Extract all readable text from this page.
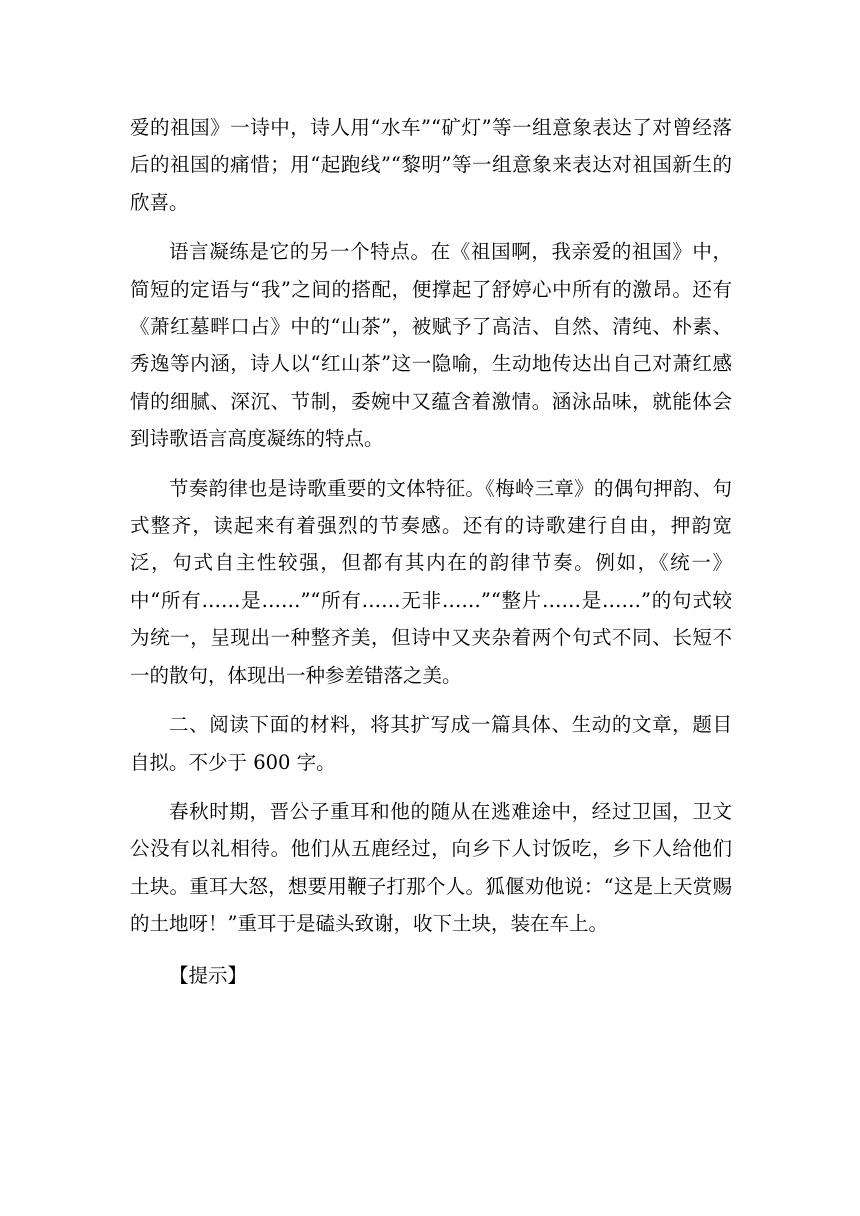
爱的祖国》一诗中，诗人用“水车”“矿灯”等一组意象表达了对曾经落后的祖国的痛惜；用“起跑线”“黎明”等一组意象来表达对祖国新生的欣喜。

语言凝练是它的另一个特点。在《祖国啊，我亲爱的祖国》中，简短的定语与“我”之间的搭配，便撑起了舒婷心中所有的激昂。还有《萧红墓畔口占》中的“山茶”，被赋予了高洁、自然、清纯、朴素、秀逸等内涵，诗人以“红山茶”这一隐喻，生动地传达出自己对萧红感情的细腻、深沉、节制，委婉中又蕴含着激情。涵泳品味，就能体会到诗歌语言高度凝练的特点。

节奏韵律也是诗歌重要的文体特征。《梅岭三章》的偶句押韵、句式整齐，读起来有着强烈的节奏感。还有的诗歌建行自由，押韵宽泛，句式自主性较强，但都有其内在的韵律节奏。例如，《统一》中“所有……是……”“所有……无非……”“整片……是……”的句式较为统一，呈现出一种整齐美，但诗中又夹杂着两个句式不同、长短不一的散句，体现出一种参差错落之美。

二、阅读下面的材料，将其扩写成一篇具体、生动的文章，题目自拟。不少于 600 字。

春秋时期，晋公子重耳和他的随从在逃难途中，经过卫国，卫文公没有以礼相待。他们从五鹿经过，向乡下人讨饭吃，乡下人给他们土块。重耳大怒，想要用鞭子打那个人。狐偃劝他说：“这是上天赏赐的土地呀！”重耳于是磕头致谢，收下土块，装在车上。

【提示】
